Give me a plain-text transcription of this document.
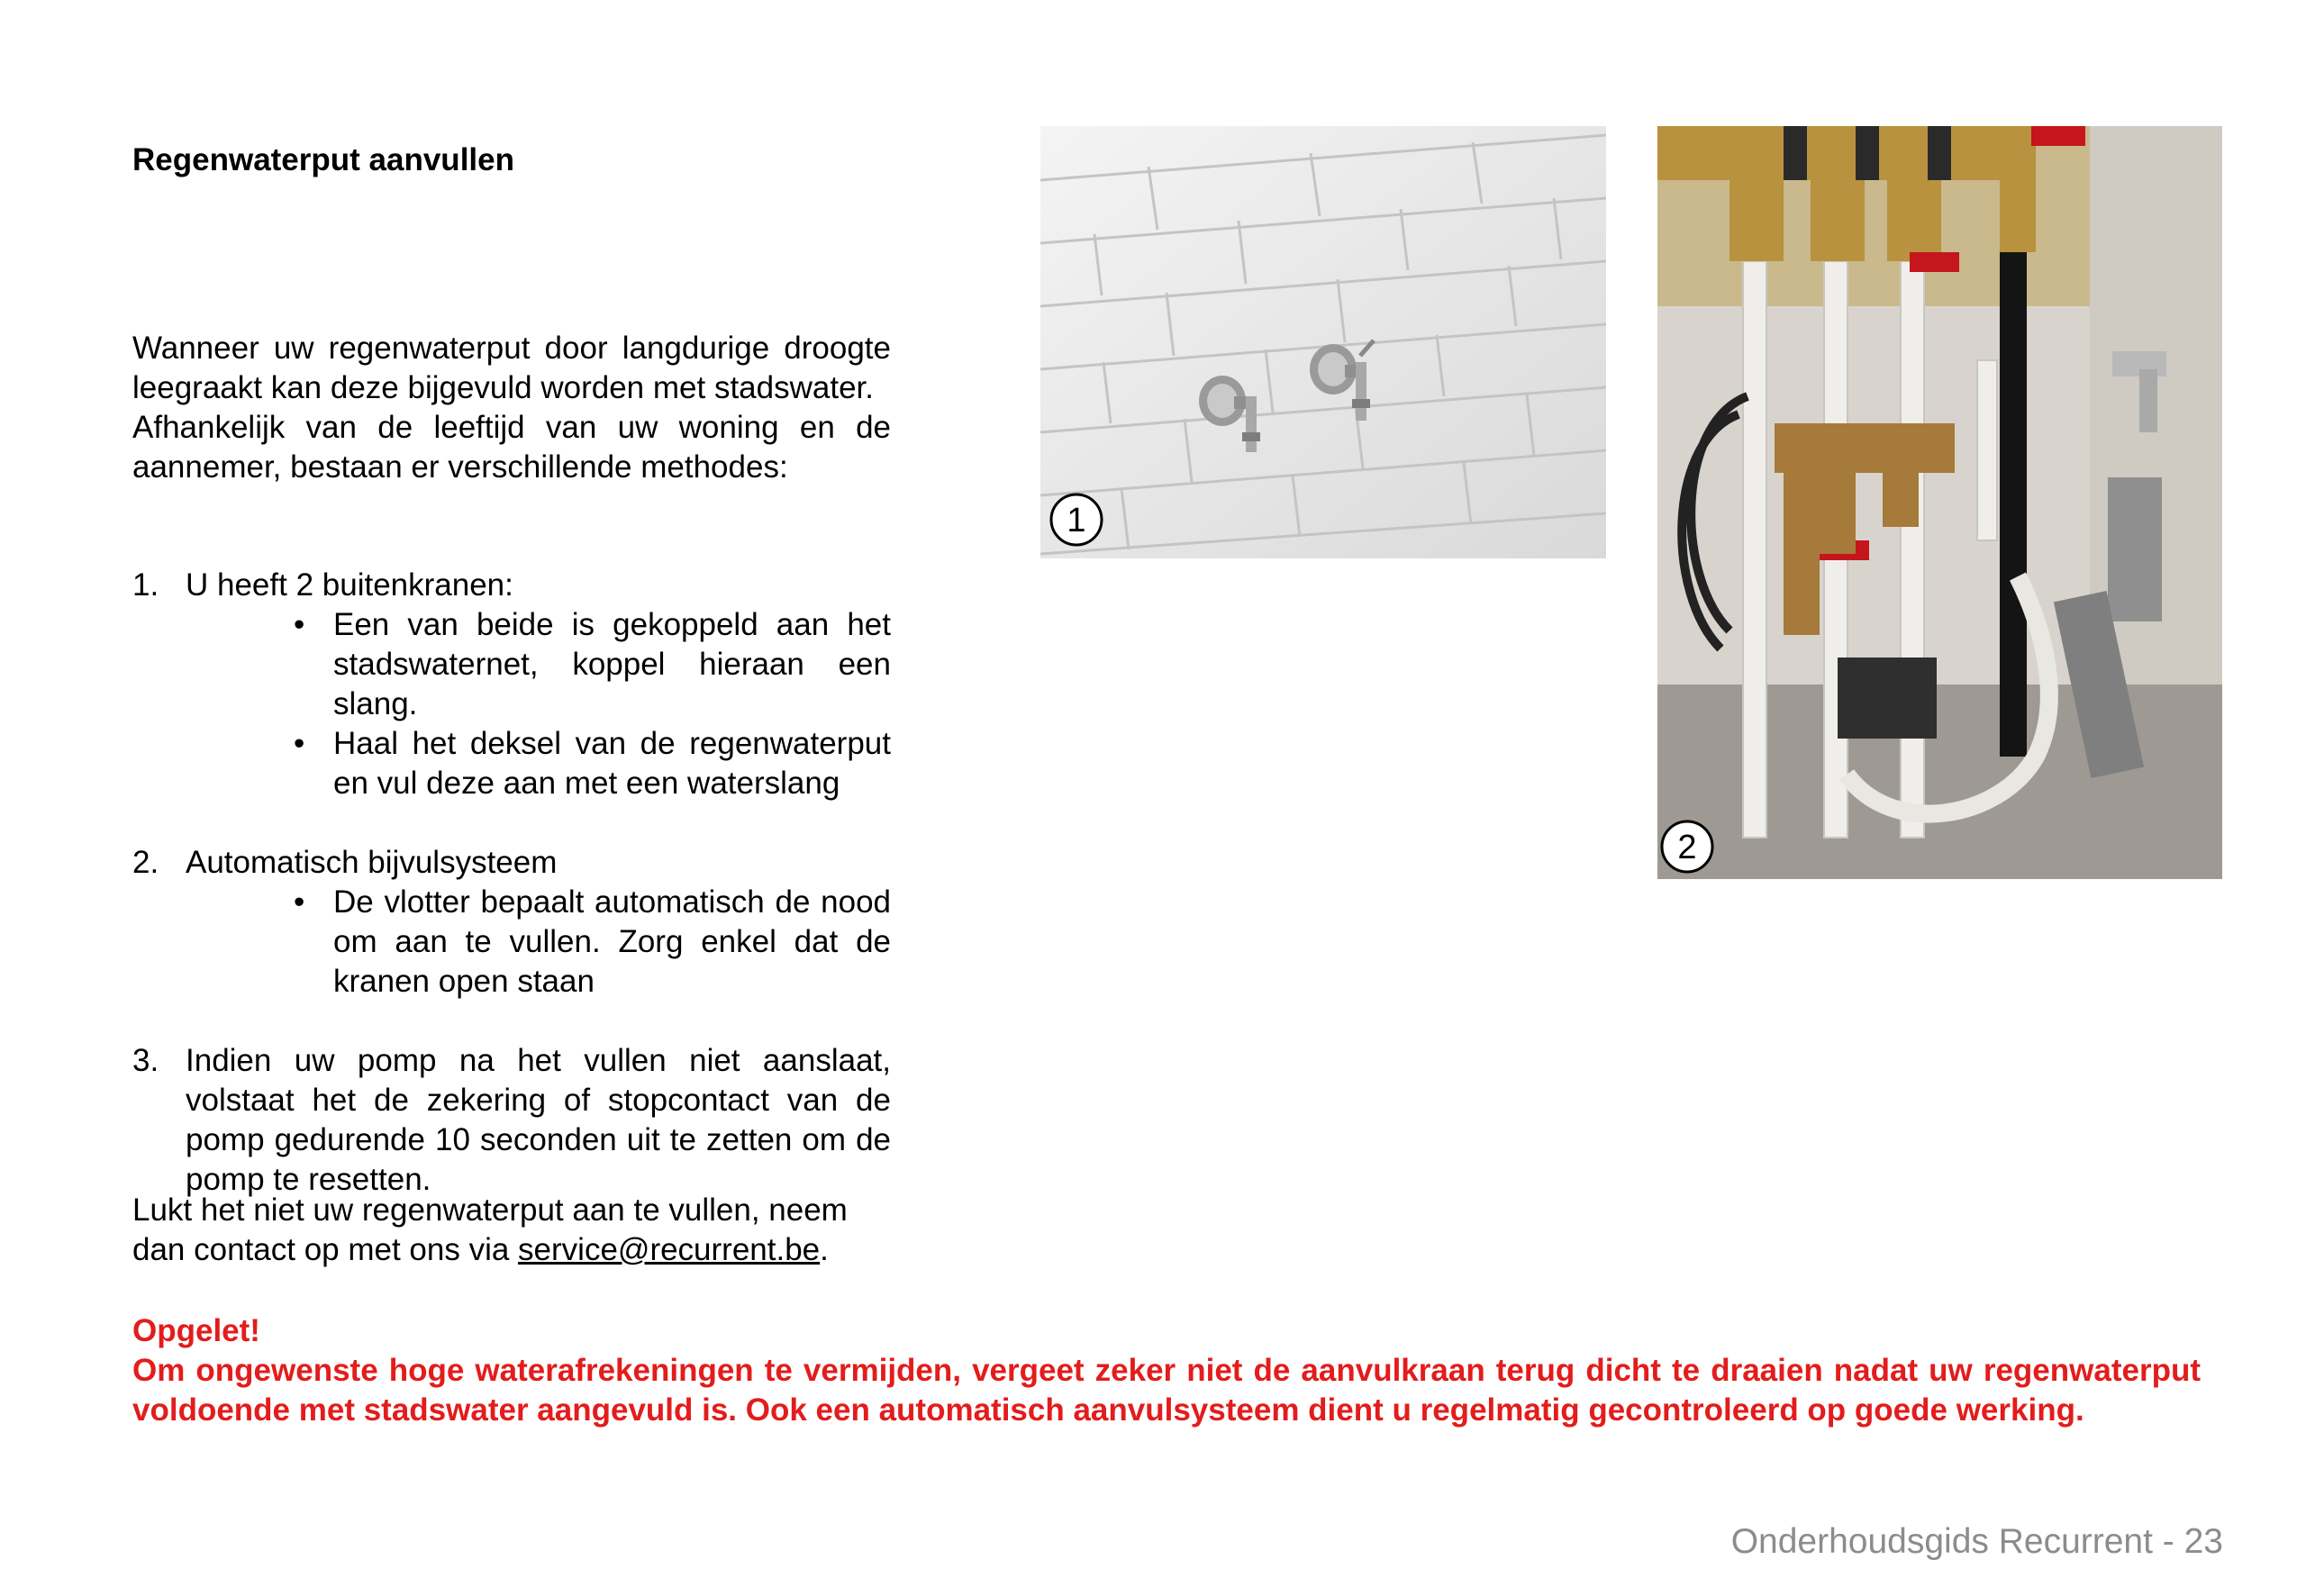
Regenwaterput aanvullen

Wanneer uw regenwaterput door langdurige droogte leegraakt kan deze bijgevuld worden met stadswater.

Afhankelijk van de leeftijd van uw woning en de aannemer, bestaan er verschillende methodes:

1. U heeft 2 buitenkranen:
• Een van beide is gekoppeld aan het stadswaternet, koppel hieraan een slang.
• Haal het deksel van de regenwaterput en vul deze aan met een waterslang
2. Automatisch bijvulsysteem
• De vlotter bepaalt automatisch de nood om aan te vullen. Zorg enkel dat de kranen open staan
3. Indien uw pomp na het vullen niet aanslaat, volstaat het de zekering of stopcontact van de pomp gedurende 10 seconden uit te zetten om de pomp te resetten.

Lukt het niet uw regenwaterput aan te vullen, neem dan contact op met ons via service@recurrent.be.

Opgelet!

Om ongewenste hoge waterafrekeningen te vermijden, vergeet zeker niet de aanvulkraan terug dicht te draaien nadat uw regenwaterput voldoende met stadswater aangevuld is. Ook een automatisch aanvulsysteem dient u regelmatig gecontroleerd op goede werking.

1
2
Onderhoudsgids Recurrent - 23
